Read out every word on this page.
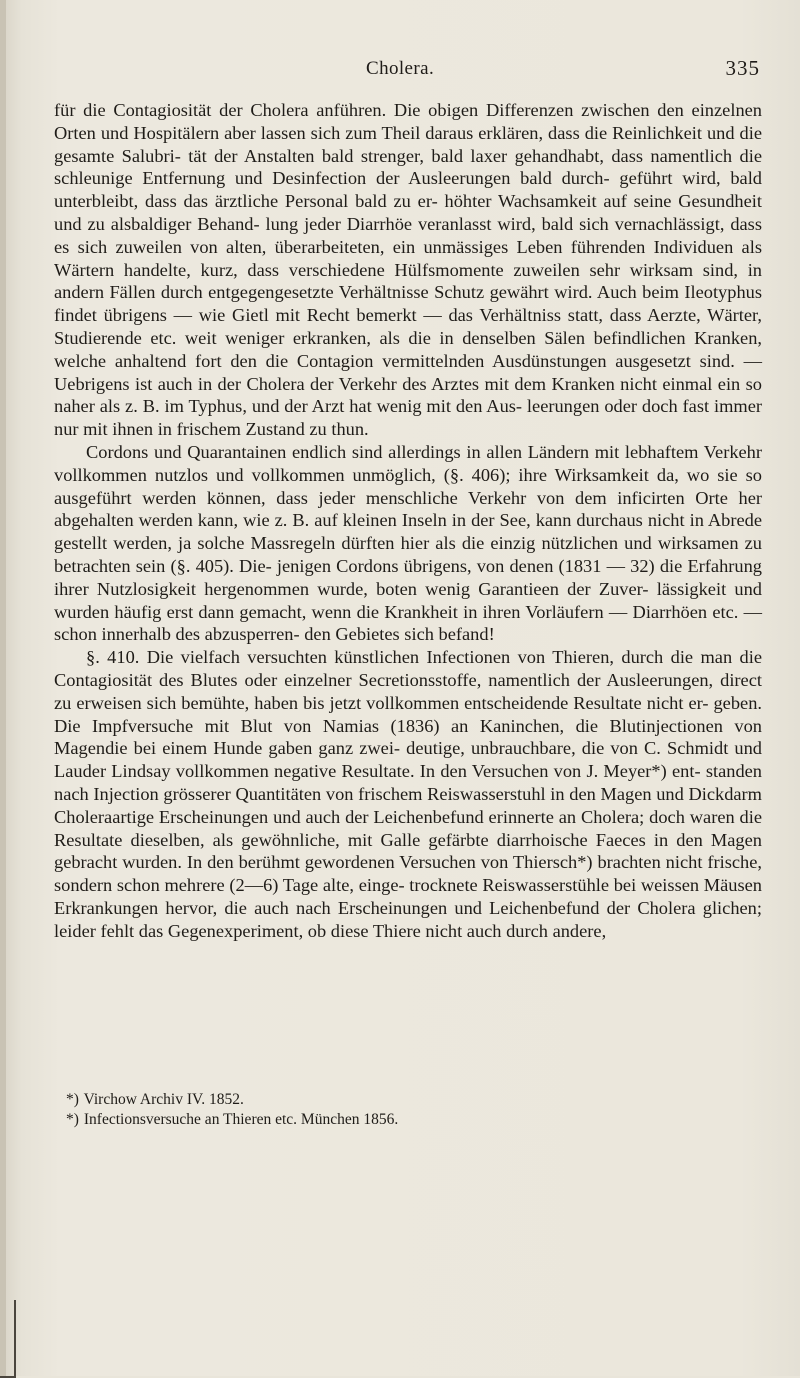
Cholera.	335

für die Contagiosität der Cholera anführen. Die obigen Differenzen zwischen den einzelnen Orten und Hospitälern aber lassen sich zum Theil daraus erklären, dass die Reinlichkeit und die gesamte Salubri- tät der Anstalten bald strenger, bald laxer gehandhabt, dass namentlich die schleunige Entfernung und Desinfection der Ausleerungen bald durch- geführt wird, bald unterbleibt, dass das ärztliche Personal bald zu er- höhter Wachsamkeit auf seine Gesundheit und zu alsbaldiger Behand- lung jeder Diarrhöe veranlasst wird, bald sich vernachlässigt, dass es sich zuweilen von alten, überarbeiteten, ein unmässiges Leben führenden Individuen als Wärtern handelte, kurz, dass verschiedene Hülfsmomente zuweilen sehr wirksam sind, in andern Fällen durch entgegengesetzte Verhältnisse Schutz gewährt wird. Auch beim Ileotyphus findet übrigens — wie Gietl mit Recht bemerkt — das Verhältniss statt, dass Aerzte, Wärter, Studierende etc. weit weniger erkranken, als die in denselben Sälen befindlichen Kranken, welche anhaltend fort den die Contagion vermittelnden Ausdünstungen ausgesetzt sind. — Uebrigens ist auch in der Cholera der Verkehr des Arztes mit dem Kranken nicht einmal ein so naher als z. B. im Typhus, und der Arzt hat wenig mit den Aus- leerungen oder doch fast immer nur mit ihnen in frischem Zustand zu thun.

Cordons und Quarantainen endlich sind allerdings in allen Ländern mit lebhaftem Verkehr vollkommen nutzlos und vollkommen unmöglich, (§. 406); ihre Wirksamkeit da, wo sie so ausgeführt werden können, dass jeder menschliche Verkehr von dem inficirten Orte her abgehalten werden kann, wie z. B. auf kleinen Inseln in der See, kann durchaus nicht in Abrede gestellt werden, ja solche Massregeln dürften hier als die einzig nützlichen und wirksamen zu betrachten sein (§. 405). Die- jenigen Cordons übrigens, von denen (1831 — 32) die Erfahrung ihrer Nutzlosigkeit hergenommen wurde, boten wenig Garantieen der Zuver- lässigkeit und wurden häufig erst dann gemacht, wenn die Krankheit in ihren Vorläufern — Diarrhöen etc. — schon innerhalb des abzusperren- den Gebietes sich befand!

§. 410. Die vielfach versuchten künstlichen Infectionen von Thieren, durch die man die Contagiosität des Blutes oder einzelner Secretionsstoffe, namentlich der Ausleerungen, direct zu erweisen sich bemühte, haben bis jetzt vollkommen entscheidende Resultate nicht er- geben. Die Impfversuche mit Blut von Namias (1836) an Kaninchen, die Blutinjectionen von Magendie bei einem Hunde gaben ganz zwei- deutige, unbrauchbare, die von C. Schmidt und Lauder Lindsay vollkommen negative Resultate. In den Versuchen von J. Meyer*) ent- standen nach Injection grösserer Quantitäten von frischem Reiswasserstuhl in den Magen und Dickdarm Choleraartige Erscheinungen und auch der Leichenbefund erinnerte an Cholera; doch waren die Resultate dieselben, als gewöhnliche, mit Galle gefärbte diarrhoische Faeces in den Magen gebracht wurden. In den berühmt gewordenen Versuchen von Thiersch*) brachten nicht frische, sondern schon mehrere (2—6) Tage alte, einge- trocknete Reiswasserstühle bei weissen Mäusen Erkrankungen hervor, die auch nach Erscheinungen und Leichenbefund der Cholera glichen; leider fehlt das Gegenexperiment, ob diese Thiere nicht auch durch andere,

*) Virchow Archiv IV. 1852.

*) Infectionsversuche an Thieren etc. München 1856.
